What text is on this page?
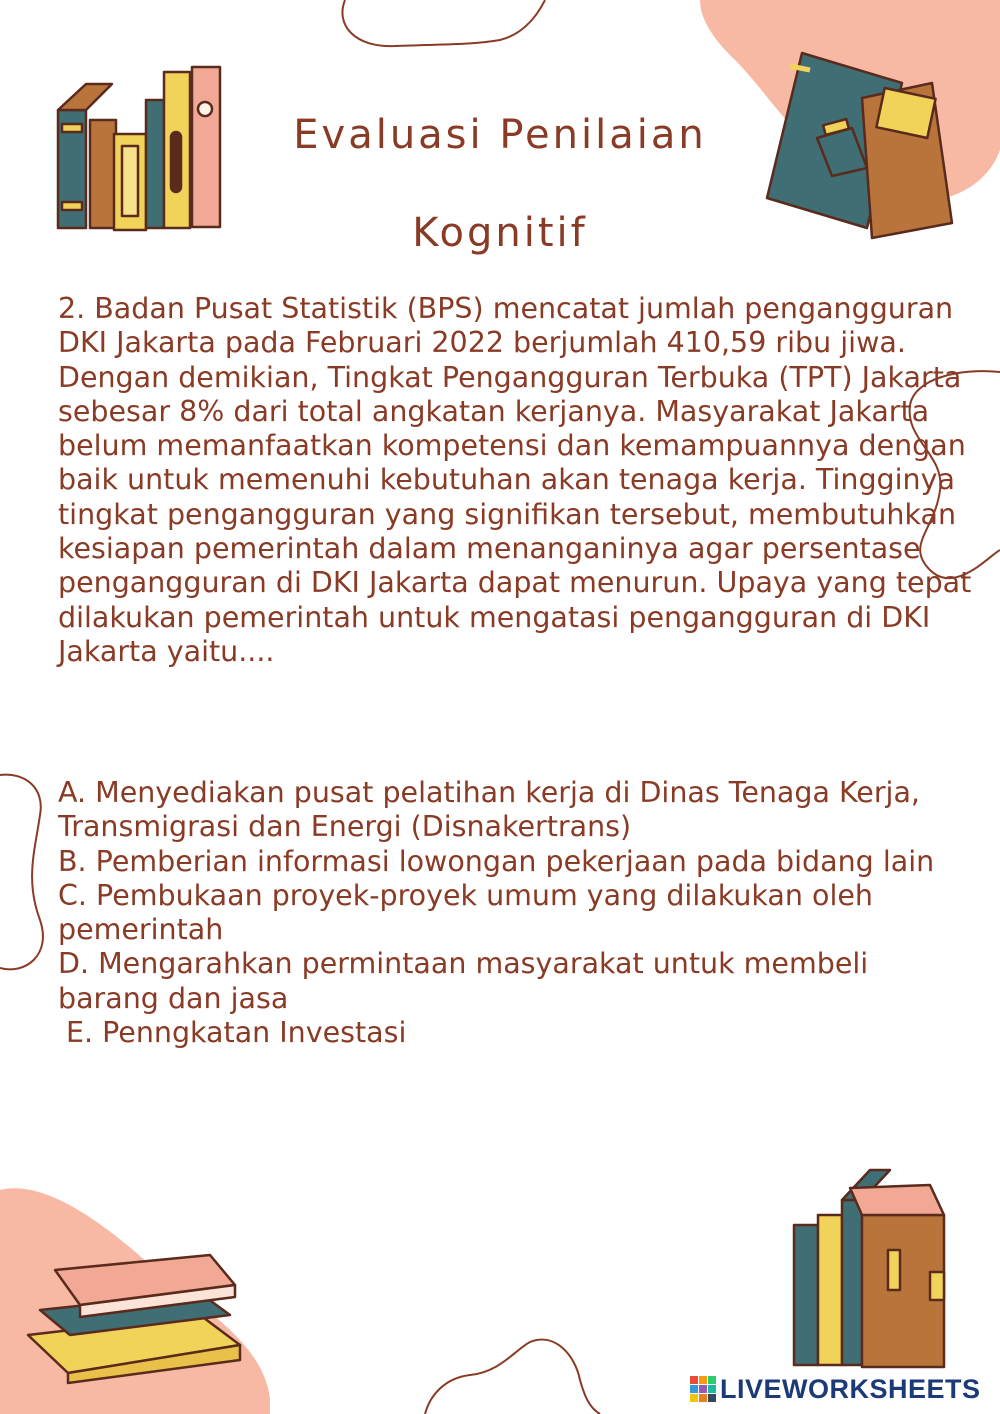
Evaluasi Penilaian
Kognitif

2. Badan Pusat Statistik (BPS) mencatat jumlah pengangguran DKI Jakarta pada Februari 2022 berjumlah 410,59 ribu jiwa. Dengan demikian, Tingkat Pengangguran Terbuka (TPT) Jakarta sebesar 8% dari total angkatan kerjanya. Masyarakat Jakarta belum memanfaatkan kompetensi dan kemampuannya dengan baik untuk memenuhi kebutuhan akan tenaga kerja. Tingginya tingkat pengangguran yang signifikan tersebut, membutuhkan kesiapan pemerintah dalam menanganinya agar persentase pengangguran di DKI Jakarta dapat menurun. Upaya yang tepat dilakukan pemerintah untuk mengatasi pengangguran di DKI Jakarta yaitu....

A. Menyediakan pusat pelatihan kerja di Dinas Tenaga Kerja, Transmigrasi dan Energi (Disnakertrans)
B. Pemberian informasi lowongan pekerjaan pada bidang lain
C. Pembukaan proyek-proyek umum yang dilakukan oleh pemerintah
D. Mengarahkan permintaan masyarakat untuk membeli barang dan jasa
E. Penngkatan Investasi
LIVEWORKSHEETS
